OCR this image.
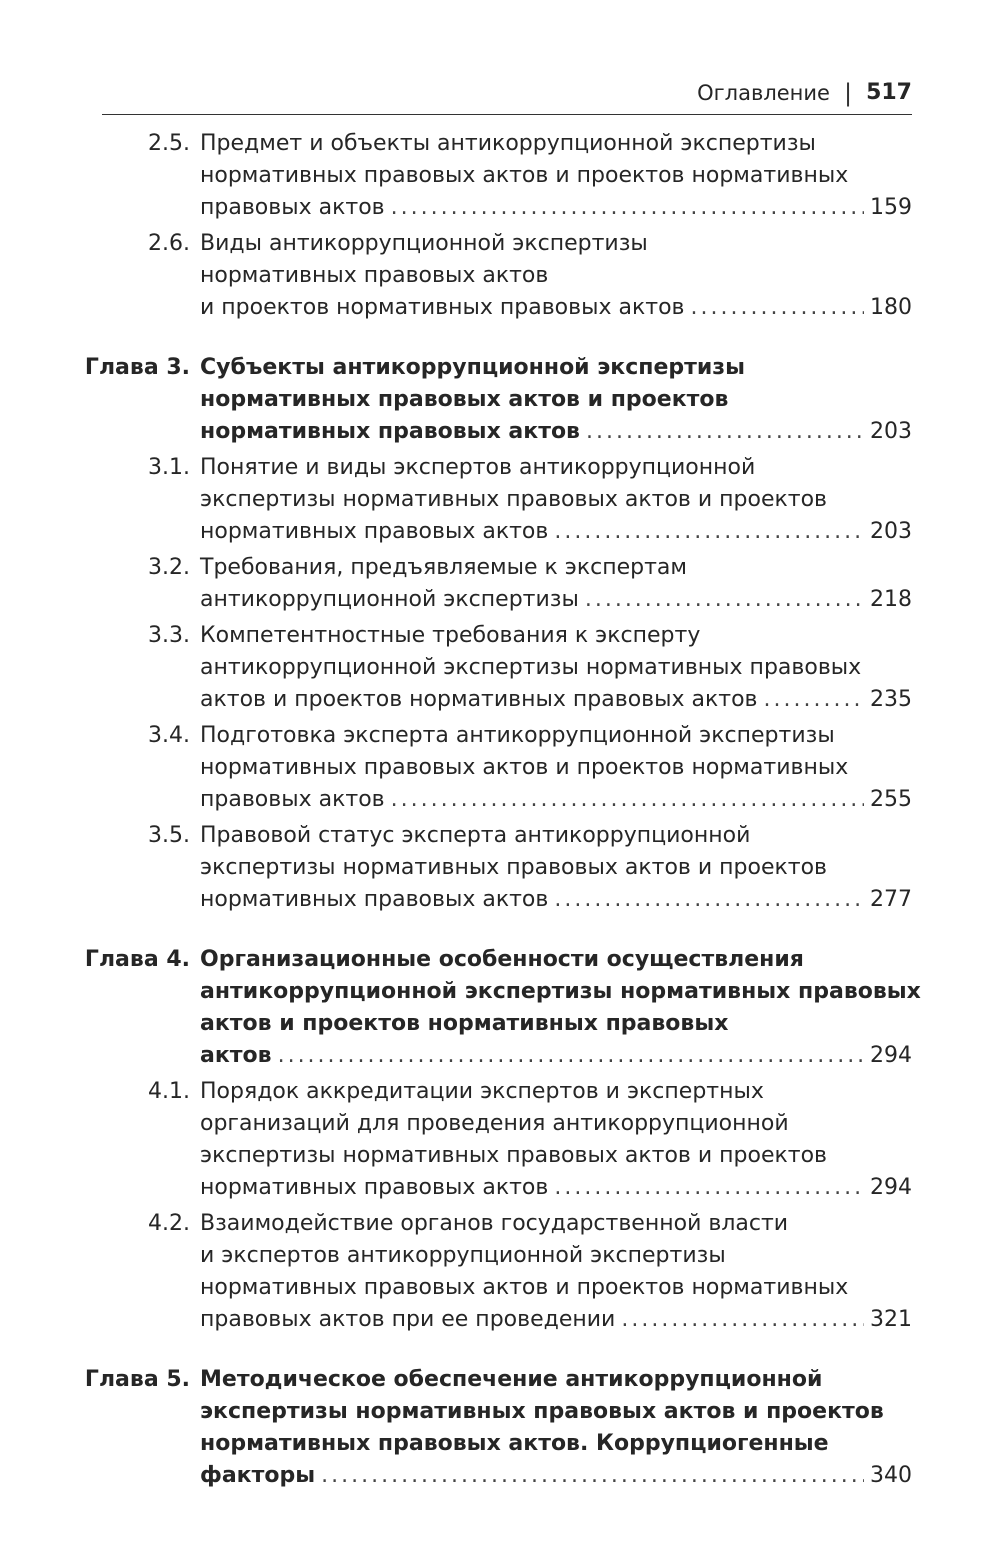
Оглавление | 517
2.5. Предмет и объекты антикоррупционной экспертизы
нормативных правовых актов и проектов нормативных
правовых актов .....	159
2.6. Виды антикоррупционной экспертизы
нормативных правовых актов
и проектов нормативных правовых актов .....	180
Глава 3. Субъекты антикоррупционной экспертизы
нормативных правовых актов и проектов
нормативных правовых актов .....	203
3.1. Понятие и виды экспертов антикоррупционной
экспертизы нормативных правовых актов и проектов
нормативных правовых актов .....	203
3.2. Требования, предъявляемые к экспертам
антикоррупционной экспертизы .....	218
3.3. Компетентностные требования к эксперту
антикоррупционной экспертизы нормативных правовых
актов и проектов нормативных правовых актов .....	235
3.4. Подготовка эксперта антикоррупционной экспертизы
нормативных правовых актов и проектов нормативных
правовых актов .....	255
3.5. Правовой статус эксперта антикоррупционной
экспертизы нормативных правовых актов и проектов
нормативных правовых актов .....	277
Глава 4. Организационные особенности осуществления
антикоррупционной экспертизы нормативных правовых
актов и проектов нормативных правовых
актов .....	294
4.1. Порядок аккредитации экспертов и экспертных
организаций для проведения антикоррупционной
экспертизы нормативных правовых актов и проектов
нормативных правовых актов .....	294
4.2. Взаимодействие органов государственной власти
и экспертов антикоррупционной экспертизы
нормативных правовых актов и проектов нормативных
правовых актов при ее проведении .....	321
Глава 5. Методическое обеспечение антикоррупционной
экспертизы нормативных правовых актов и проектов
нормативных правовых актов. Коррупциогенные
факторы .....	340
